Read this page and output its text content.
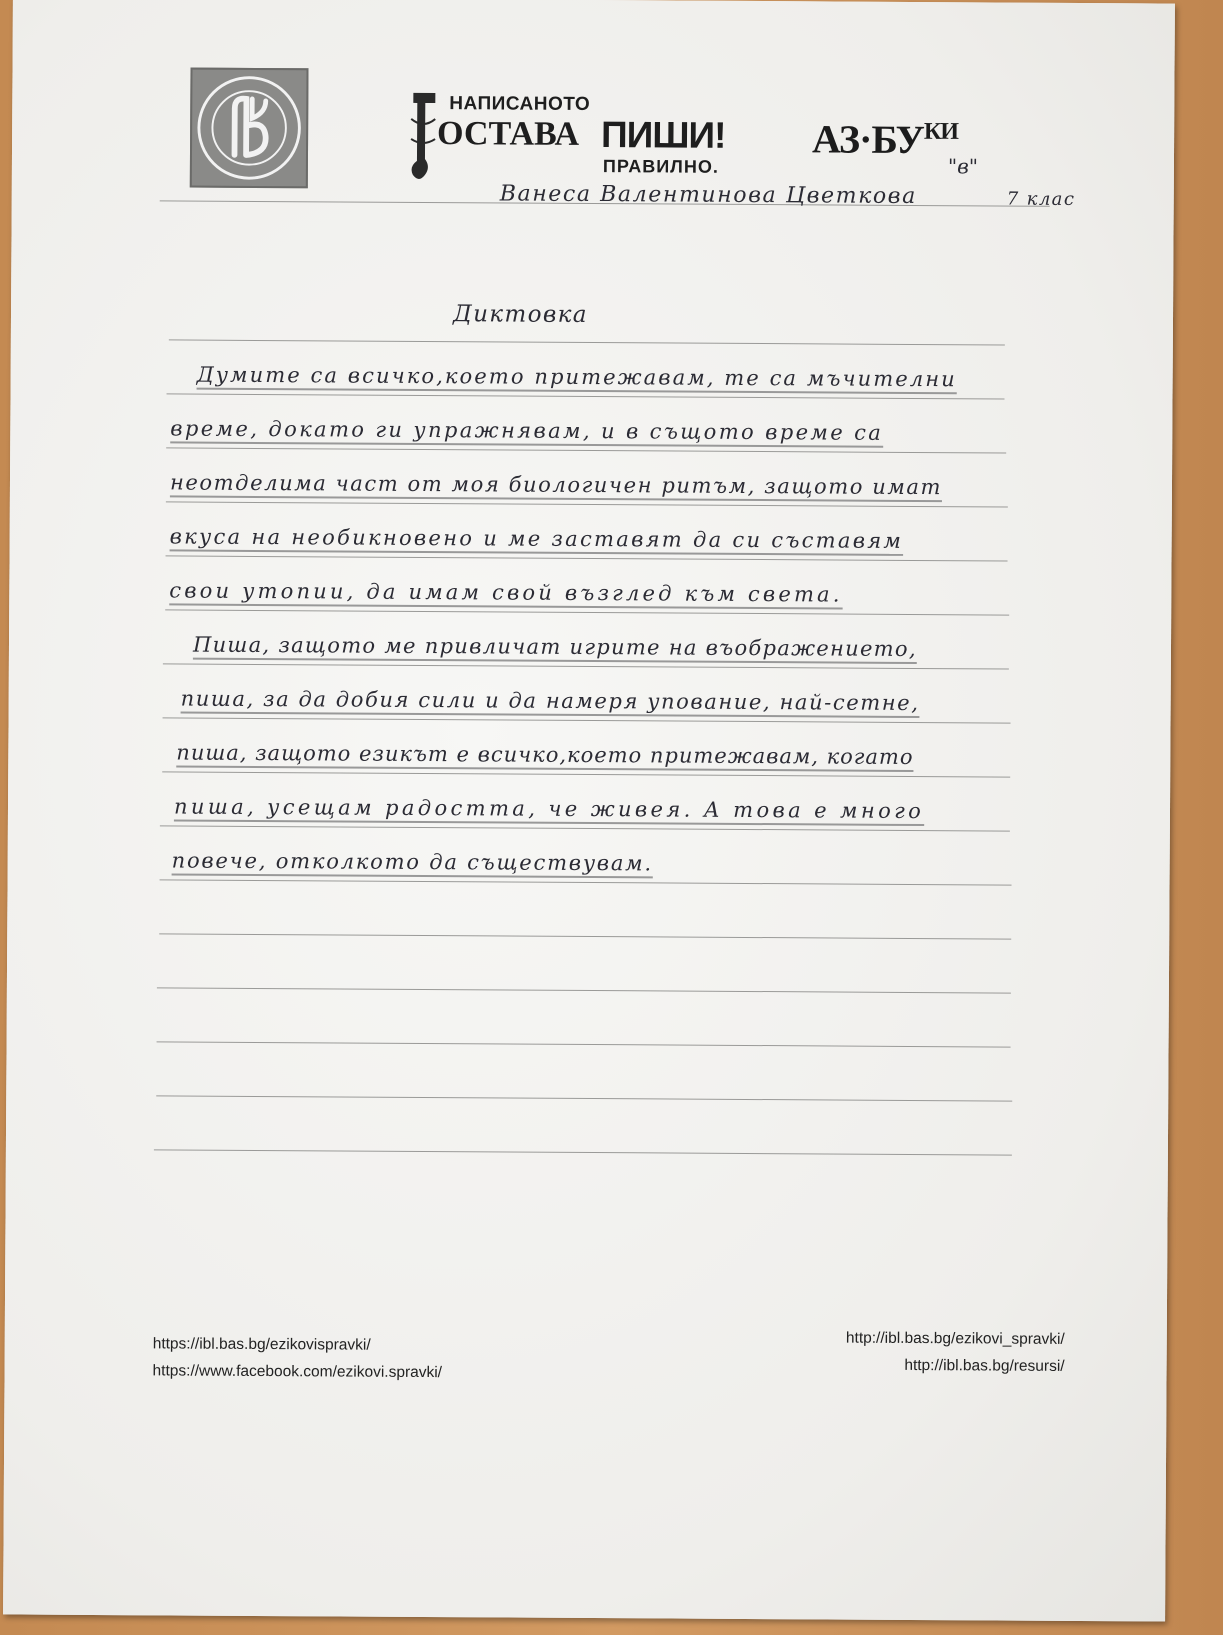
НАПИСАНОТО
ОСТАВА ПИШИ!
ПРАВИЛНО.
$АЗ\cdot БУ^{КИ}$
Ванеса Валентинова Цветкова
"в"
7 клас
Диктовка
Думите са всичко,което притежавам, те са мъчителни
време, докато ги упражнявам, и в същото време са
неотделима част от моя биологичен ритъм, защото имат
вкуса на необикновено и ме заставят да си съставям
свои утопии, да имам свой възглед към света.
Пиша, защото ме привличат игрите на въображението,
пиша, за да добия сили и да намеря упование, най-сетне,
пиша, защото езикът е всичко,което притежавам, когато
пиша, усещам радостта, че живея. А това е много
повече, отколкото да съществувам.
https://ibl.bas.bg/ezikovispravki/
https://www.facebook.com/ezikovi.spravki/
http://ibl.bas.bg/ezikovi_spravki/
http://ibl.bas.bg/resursi/
